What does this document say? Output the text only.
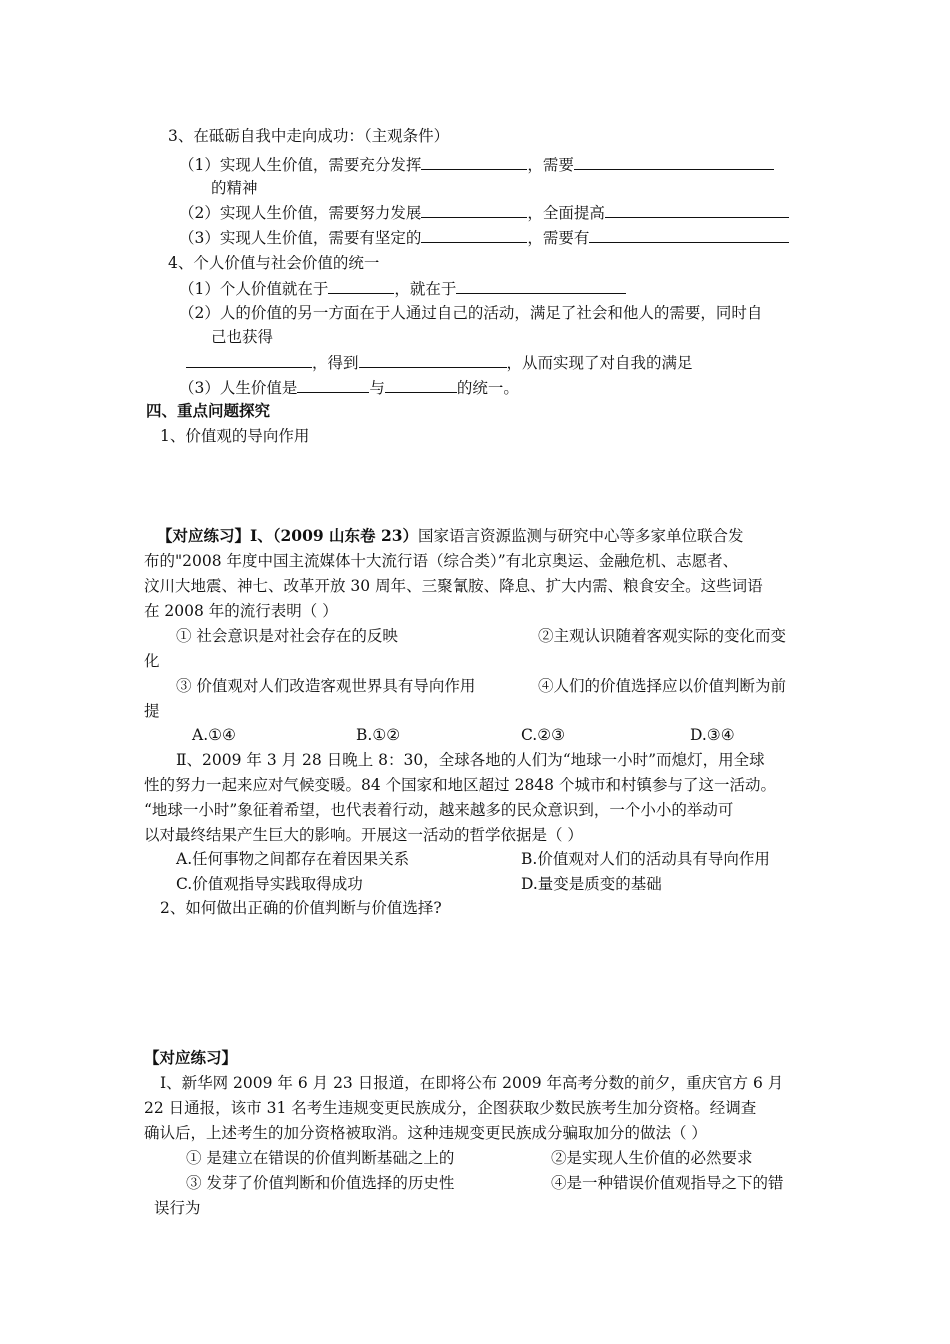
3、在砥砺自我中走向成功：（主观条件）
（1）实现人生价值，需要充分发挥	，需要
的精神
（2）实现人生价值，需要努力发展	，全面提高
（3）实现人生价值，需要有坚定的	，需要有
4、个人价值与社会价值的统一
（1）个人价值就在于	，就在于
（2）人的价值的另一方面在于人通过自己的活动，满足了社会和他人的需要，同时自
己也获得
，得到	，从而实现了对自我的满足
（3）人生价值是	与	的统一。
四、重点问题探究
1、价值观的导向作用
【对应练习】Ⅰ、（2009 山东卷 23）国家语言资源监测与研究中心等多家单位联合发
布的"2008 年度中国主流媒体十大流行语（综合类）”有北京奥运、金融危机、志愿者、
汶川大地震、神七、改革开放 30 周年、三聚氰胺、降息、扩大内需、粮食安全。这些词语
在 2008 年的流行表明（ ）
① 社会意识是对社会存在的反映	②主观认识随着客观实际的变化而变
化
③ 价值观对人们改造客观世界具有导向作用	④人们的价值选择应以价值判断为前
提
A.①④	B.①②	C.②③	D.③④
Ⅱ、2009 年 3 月 28 日晚上 8：30，全球各地的人们为“地球一小时”而熄灯，用全球
性的努力一起来应对气候变暖。84 个国家和地区超过 2848 个城市和村镇参与了这一活动。
“地球一小时”象征着希望，也代表着行动，越来越多的民众意识到，一个小小的举动可
以对最终结果产生巨大的影响。开展这一活动的哲学依据是（ ）
A.任何事物之间都存在着因果关系	B.价值观对人们的活动具有导向作用
C.价值观指导实践取得成功	D.量变是质变的基础
2、如何做出正确的价值判断与价值选择?
【对应练习】
Ⅰ、新华网 2009 年 6 月 23 日报道，在即将公布 2009 年高考分数的前夕，重庆官方 6 月
22 日通报，该市 31 名考生违规变更民族成分，企图获取少数民族考生加分资格。经调查
确认后，上述考生的加分资格被取消。这种违规变更民族成分骗取加分的做法（ ）
① 是建立在错误的价值判断基础之上的	②是实现人生价值的必然要求
③ 发芽了价值判断和价值选择的历史性	④是一种错误价值观指导之下的错
误行为
